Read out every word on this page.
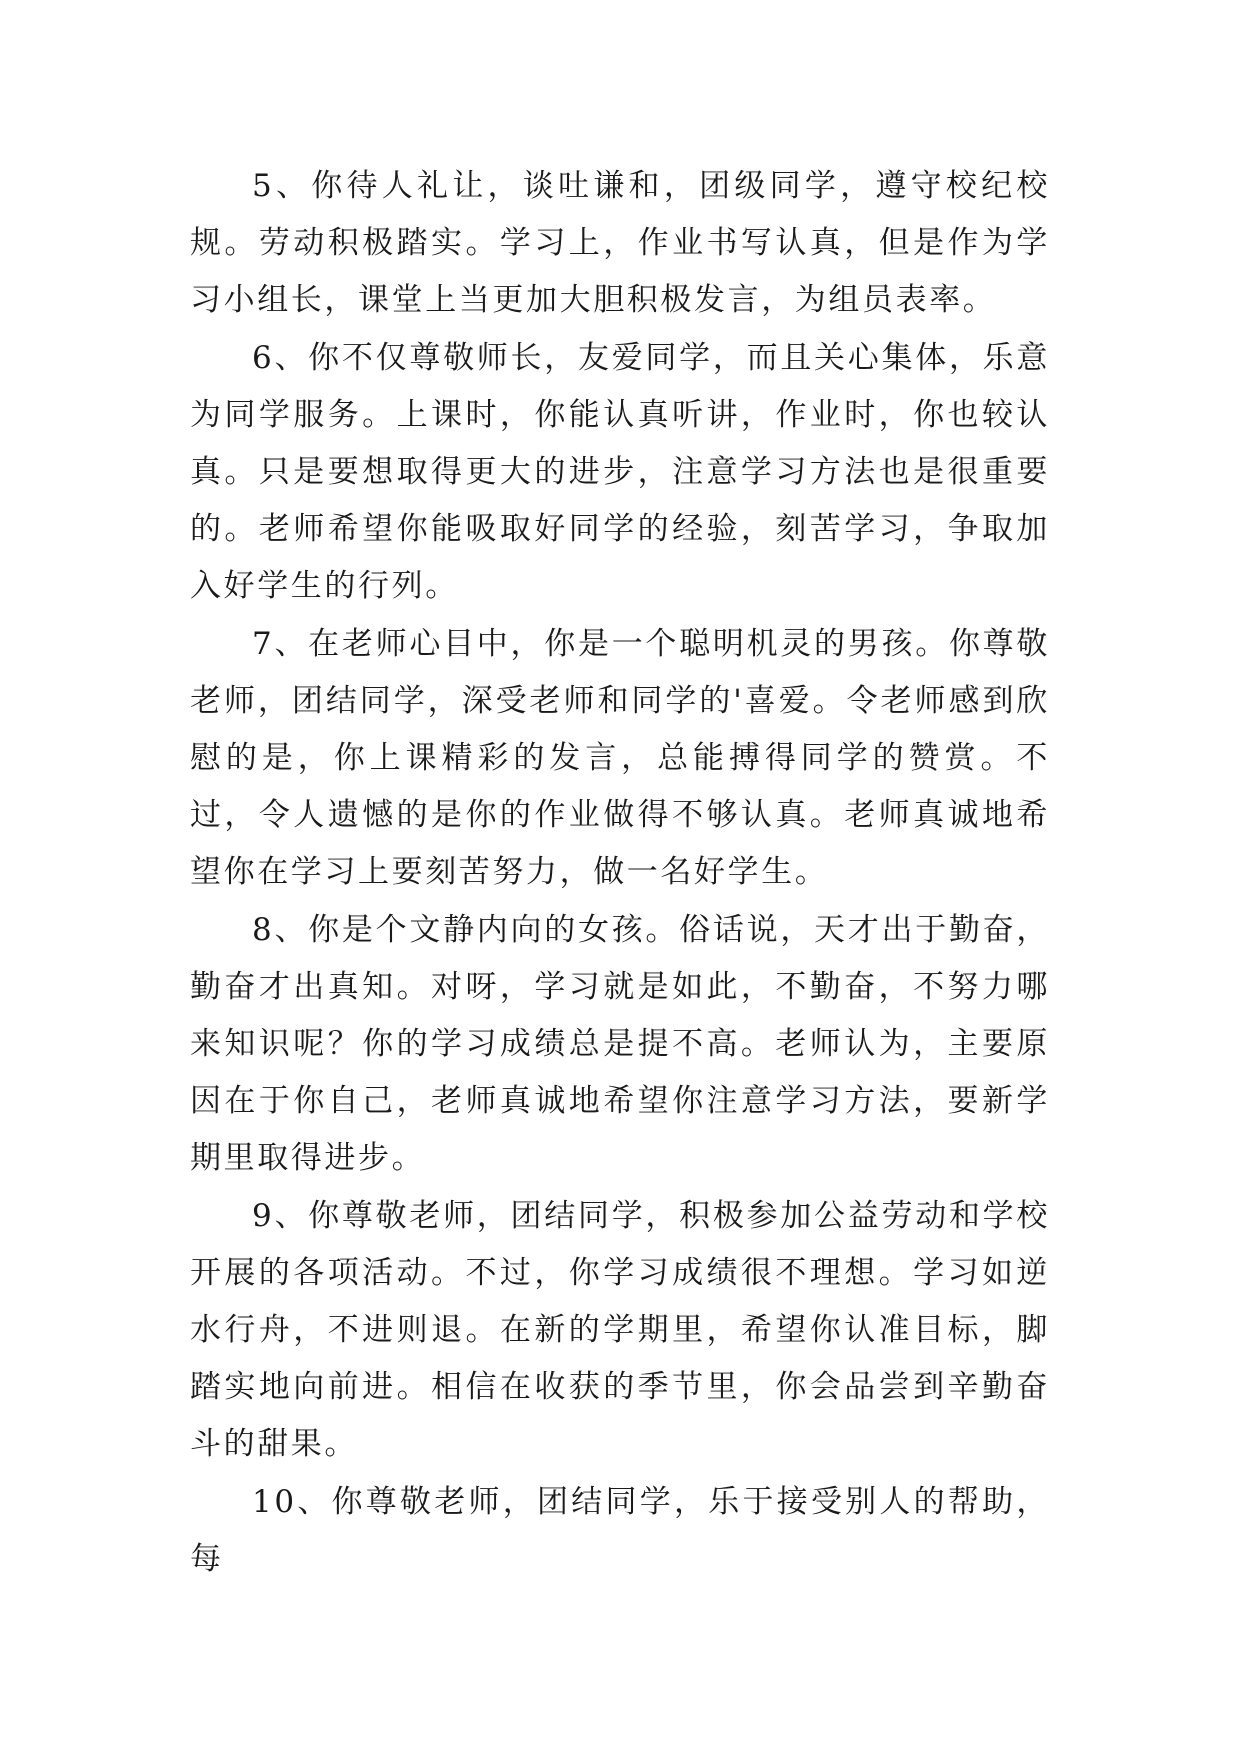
5、你待人礼让，谈吐谦和，团级同学，遵守校纪校规。劳动积极踏实。学习上，作业书写认真，但是作为学习小组长，课堂上当更加大胆积极发言，为组员表率。

6、你不仅尊敬师长，友爱同学，而且关心集体，乐意为同学服务。上课时，你能认真听讲，作业时，你也较认真。只是要想取得更大的进步，注意学习方法也是很重要的。老师希望你能吸取好同学的经验，刻苦学习，争取加入好学生的行列。

7、在老师心目中，你是一个聪明机灵的男孩。你尊敬老师，团结同学，深受老师和同学的'喜爱。令老师感到欣慰的是，你上课精彩的发言，总能搏得同学的赞赏。不过，令人遗憾的是你的作业做得不够认真。老师真诚地希望你在学习上要刻苦努力，做一名好学生。

8、你是个文静内向的女孩。俗话说，天才出于勤奋，勤奋才出真知。对呀，学习就是如此，不勤奋，不努力哪来知识呢？你的学习成绩总是提不高。老师认为，主要原因在于你自己，老师真诚地希望你注意学习方法，要新学期里取得进步。

9、你尊敬老师，团结同学，积极参加公益劳动和学校开展的各项活动。不过，你学习成绩很不理想。学习如逆水行舟，不进则退。在新的学期里，希望你认准目标，脚踏实地向前进。相信在收获的季节里，你会品尝到辛勤奋斗的甜果。

10、你尊敬老师，团结同学，乐于接受别人的帮助，每
